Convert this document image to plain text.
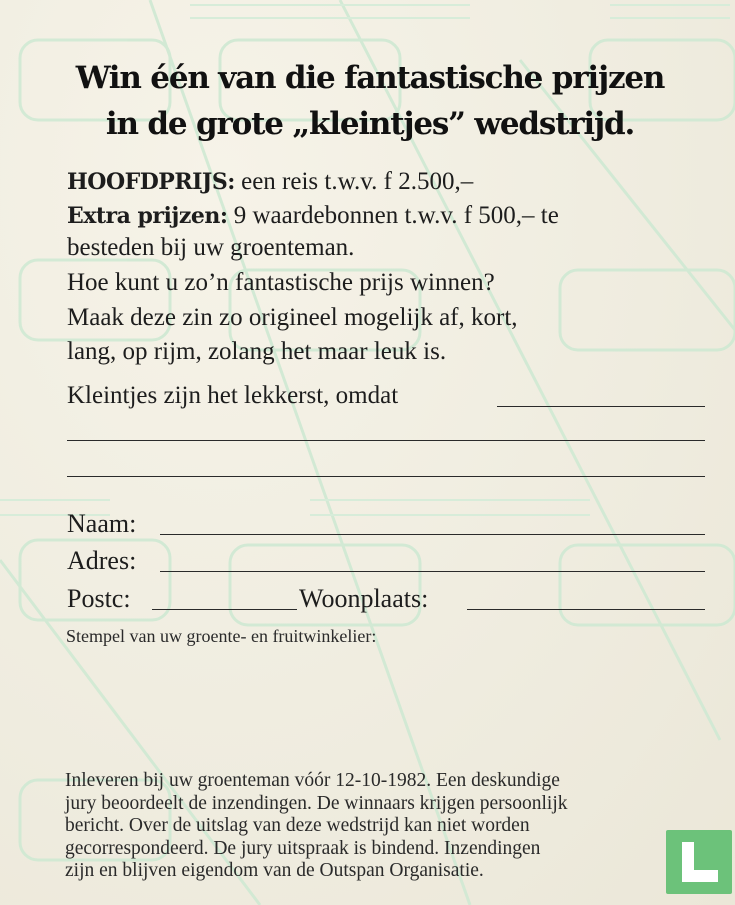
Win één van die fantastische prijzen
in de grote „kleintjes” wedstrijd.
HOOFDPRIJS: een reis t.w.v. f 2.500,–
Extra prijzen: 9 waardebonnen t.w.v. f 500,– te
besteden bij uw groenteman.
Hoe kunt u zo’n fantastische prijs winnen?
Maak deze zin zo origineel mogelijk af, kort,
lang, op rijm, zolang het maar leuk is.
Kleintjes zijn het lekkerst, omdat
Naam:
Adres:
Postc:	Woonplaats:
Stempel van uw groente- en fruitwinkelier:
Inleveren bij uw groenteman vóór 12-10-1982. Een deskundige
jury beoordeelt de inzendingen. De winnaars krijgen persoonlijk
bericht. Over de uitslag van deze wedstrijd kan niet worden
gecorrespondeerd. De jury uitspraak is bindend. Inzendingen
zijn en blijven eigendom van de Outspan Organisatie.
